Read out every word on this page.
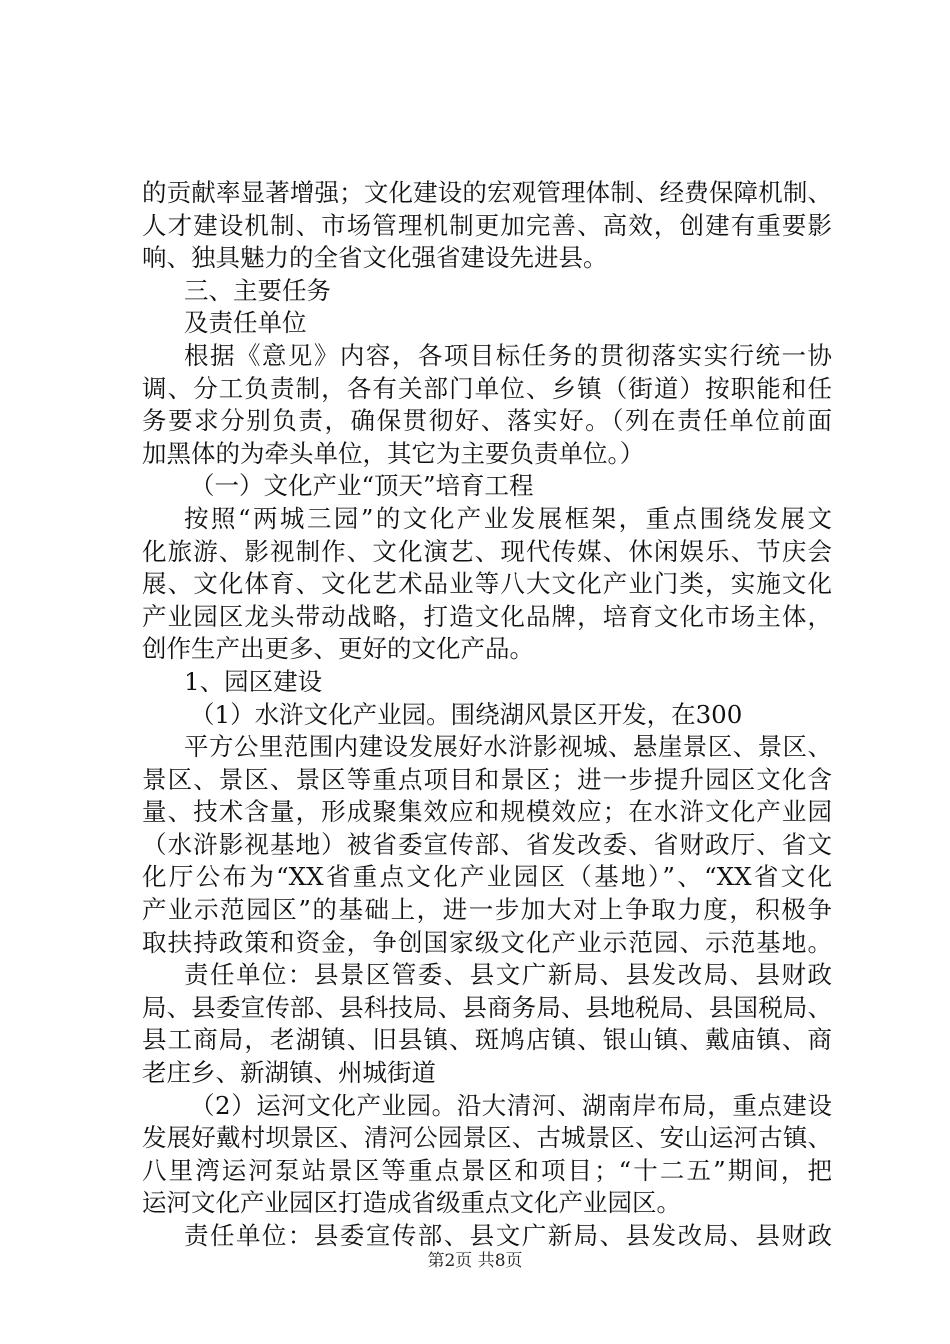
的贡献率显著增强；文化建设的宏观管理体制、经费保障机制、
人才建设机制、市场管理机制更加完善、高效，创建有重要影
响、独具魅力的全省文化强省建设先进县。
三、主要任务
及责任单位
根据《意见》内容，各项目标任务的贯彻落实实行统一协
调、分工负责制，各有关部门单位、乡镇（街道）按职能和任
务要求分别负责，确保贯彻好、落实好。（列在责任单位前面
加黑体的为牵头单位，其它为主要负责单位。）
（一）文化产业“顶天”培育工程
按照“两城三园”的文化产业发展框架，重点围绕发展文
化旅游、影视制作、文化演艺、现代传媒、休闲娱乐、节庆会
展、文化体育、文化艺术品业等八大文化产业门类，实施文化
产业园区龙头带动战略，打造文化品牌，培育文化市场主体，
创作生产出更多、更好的文化产品。
1、园区建设
（1）水浒文化产业园。围绕湖风景区开发，在300
平方公里范围内建设发展好水浒影视城、悬崖景区、景区、
景区、景区、景区等重点项目和景区；进一步提升园区文化含
量、技术含量，形成聚集效应和规模效应；在水浒文化产业园
（水浒影视基地）被省委宣传部、省发改委、省财政厅、省文
化厅公布为“XX省重点文化产业园区（基地）”、“XX省文化
产业示范园区”的基础上，进一步加大对上争取力度，积极争
取扶持政策和资金，争创国家级文化产业示范园、示范基地。
责任单位：县景区管委、县文广新局、县发改局、县财政
局、县委宣传部、县科技局、县商务局、县地税局、县国税局、
县工商局，老湖镇、旧县镇、斑鸠店镇、银山镇、戴庙镇、商
老庄乡、新湖镇、州城街道
（2）运河文化产业园。沿大清河、湖南岸布局，重点建设
发展好戴村坝景区、清河公园景区、古城景区、安山运河古镇、
八里湾运河泵站景区等重点景区和项目；“十二五”期间，把
运河文化产业园区打造成省级重点文化产业园区。
责任单位：县委宣传部、县文广新局、县发改局、县财政
第2页 共8页
